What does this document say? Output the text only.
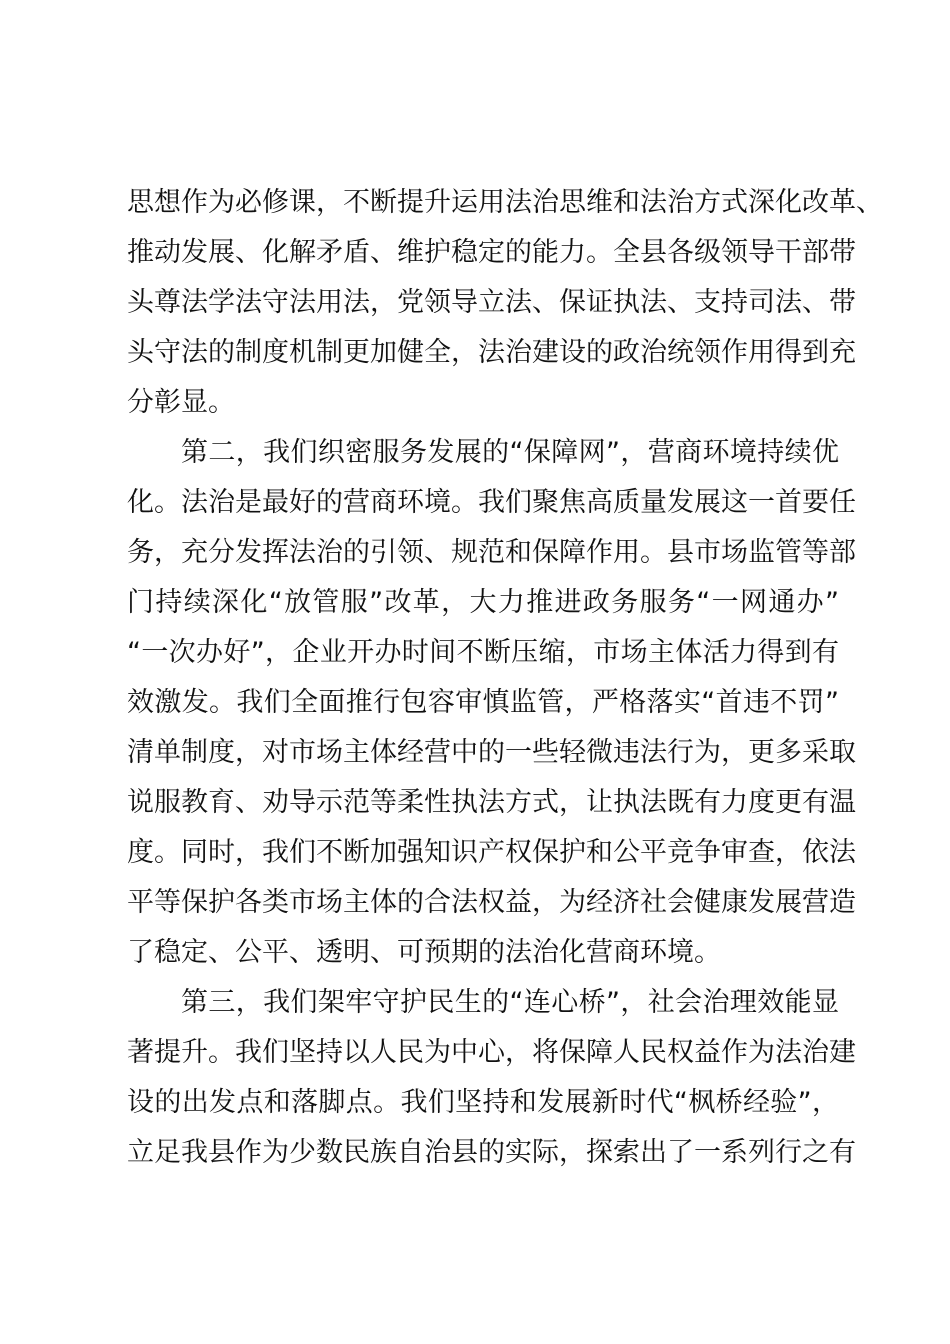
思想作为必修课，不断提升运用法治思维和法治方式深化改革、
推动发展、化解矛盾、维护稳定的能力。全县各级领导干部带
头尊法学法守法用法，党领导立法、保证执法、支持司法、带
头守法的制度机制更加健全，法治建设的政治统领作用得到充
分彰显。
第二，我们织密服务发展的“保障网”，营商环境持续优
化。法治是最好的营商环境。我们聚焦高质量发展这一首要任
务，充分发挥法治的引领、规范和保障作用。县市场监管等部
门持续深化“放管服”改革，大力推进政务服务“一网通办”
“一次办好”，企业开办时间不断压缩，市场主体活力得到有
效激发。我们全面推行包容审慎监管，严格落实“首违不罚”
清单制度，对市场主体经营中的一些轻微违法行为，更多采取
说服教育、劝导示范等柔性执法方式，让执法既有力度更有温
度。同时，我们不断加强知识产权保护和公平竞争审查，依法
平等保护各类市场主体的合法权益，为经济社会健康发展营造
了稳定、公平、透明、可预期的法治化营商环境。
第三，我们架牢守护民生的“连心桥”，社会治理效能显
著提升。我们坚持以人民为中心，将保障人民权益作为法治建
设的出发点和落脚点。我们坚持和发展新时代“枫桥经验”，
立足我县作为少数民族自治县的实际，探索出了一系列行之有
